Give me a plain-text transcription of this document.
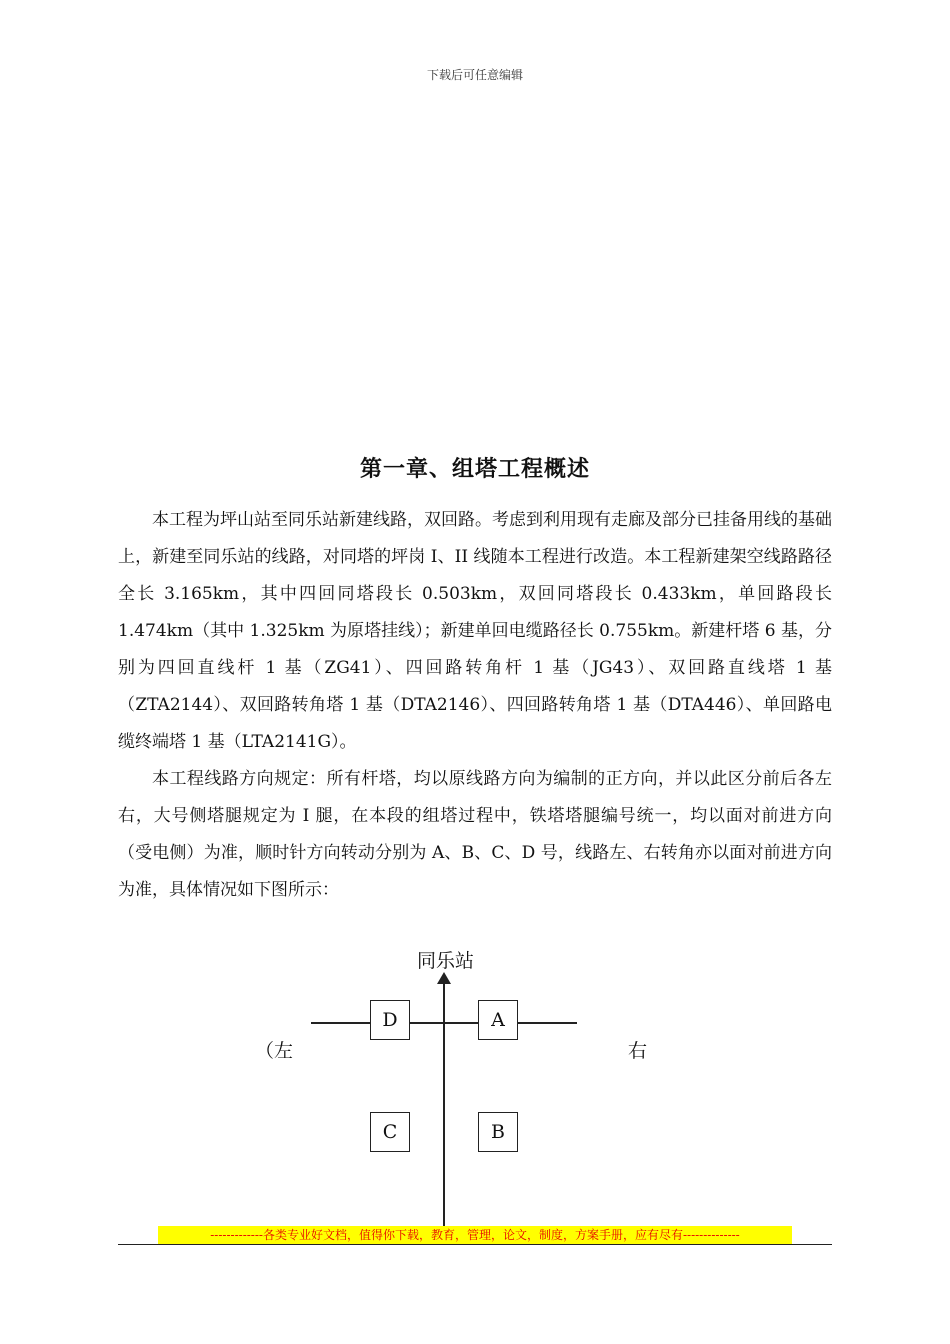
下载后可任意编辑
第一章、组塔工程概述

本工程为坪山站至同乐站新建线路，双回路。考虑到利用现有走廊及部分已挂备用线的基础上，新建至同乐站的线路，对同塔的坪岗 I、II 线随本工程进行改造。本工程新建架空线路路径全长 3.165km，其中四回同塔段长 0.503km，双回同塔段长 0.433km，单回路段长 1.474km（其中 1.325km 为原塔挂线）；新建单回电缆路径长 0.755km。新建杆塔 6 基，分别为四回直线杆 1 基（ZG41）、四回路转角杆 1 基（JG43）、双回路直线塔 1 基（ZTA2144）、双回路转角塔 1 基（DTA2146）、四回路转角塔 1 基（DTA446）、单回路电缆终端塔 1 基（LTA2141G）。

本工程线路方向规定：所有杆塔，均以原线路方向为编制的正方向，并以此区分前后各左右，大号侧塔腿规定为 I 腿，在本段的组塔过程中，铁塔塔腿编号统一，均以面对前进方向（受电侧）为准，顺时针方向转动分别为 A、B、C、D 号，线路左、右转角亦以面对前进方向为准，具体情况如下图所示：

同乐站
（左	右
D	A
C	B
-------------各类专业好文档，值得你下载，教育，管理，论文，制度，方案手册，应有尽有--------------
